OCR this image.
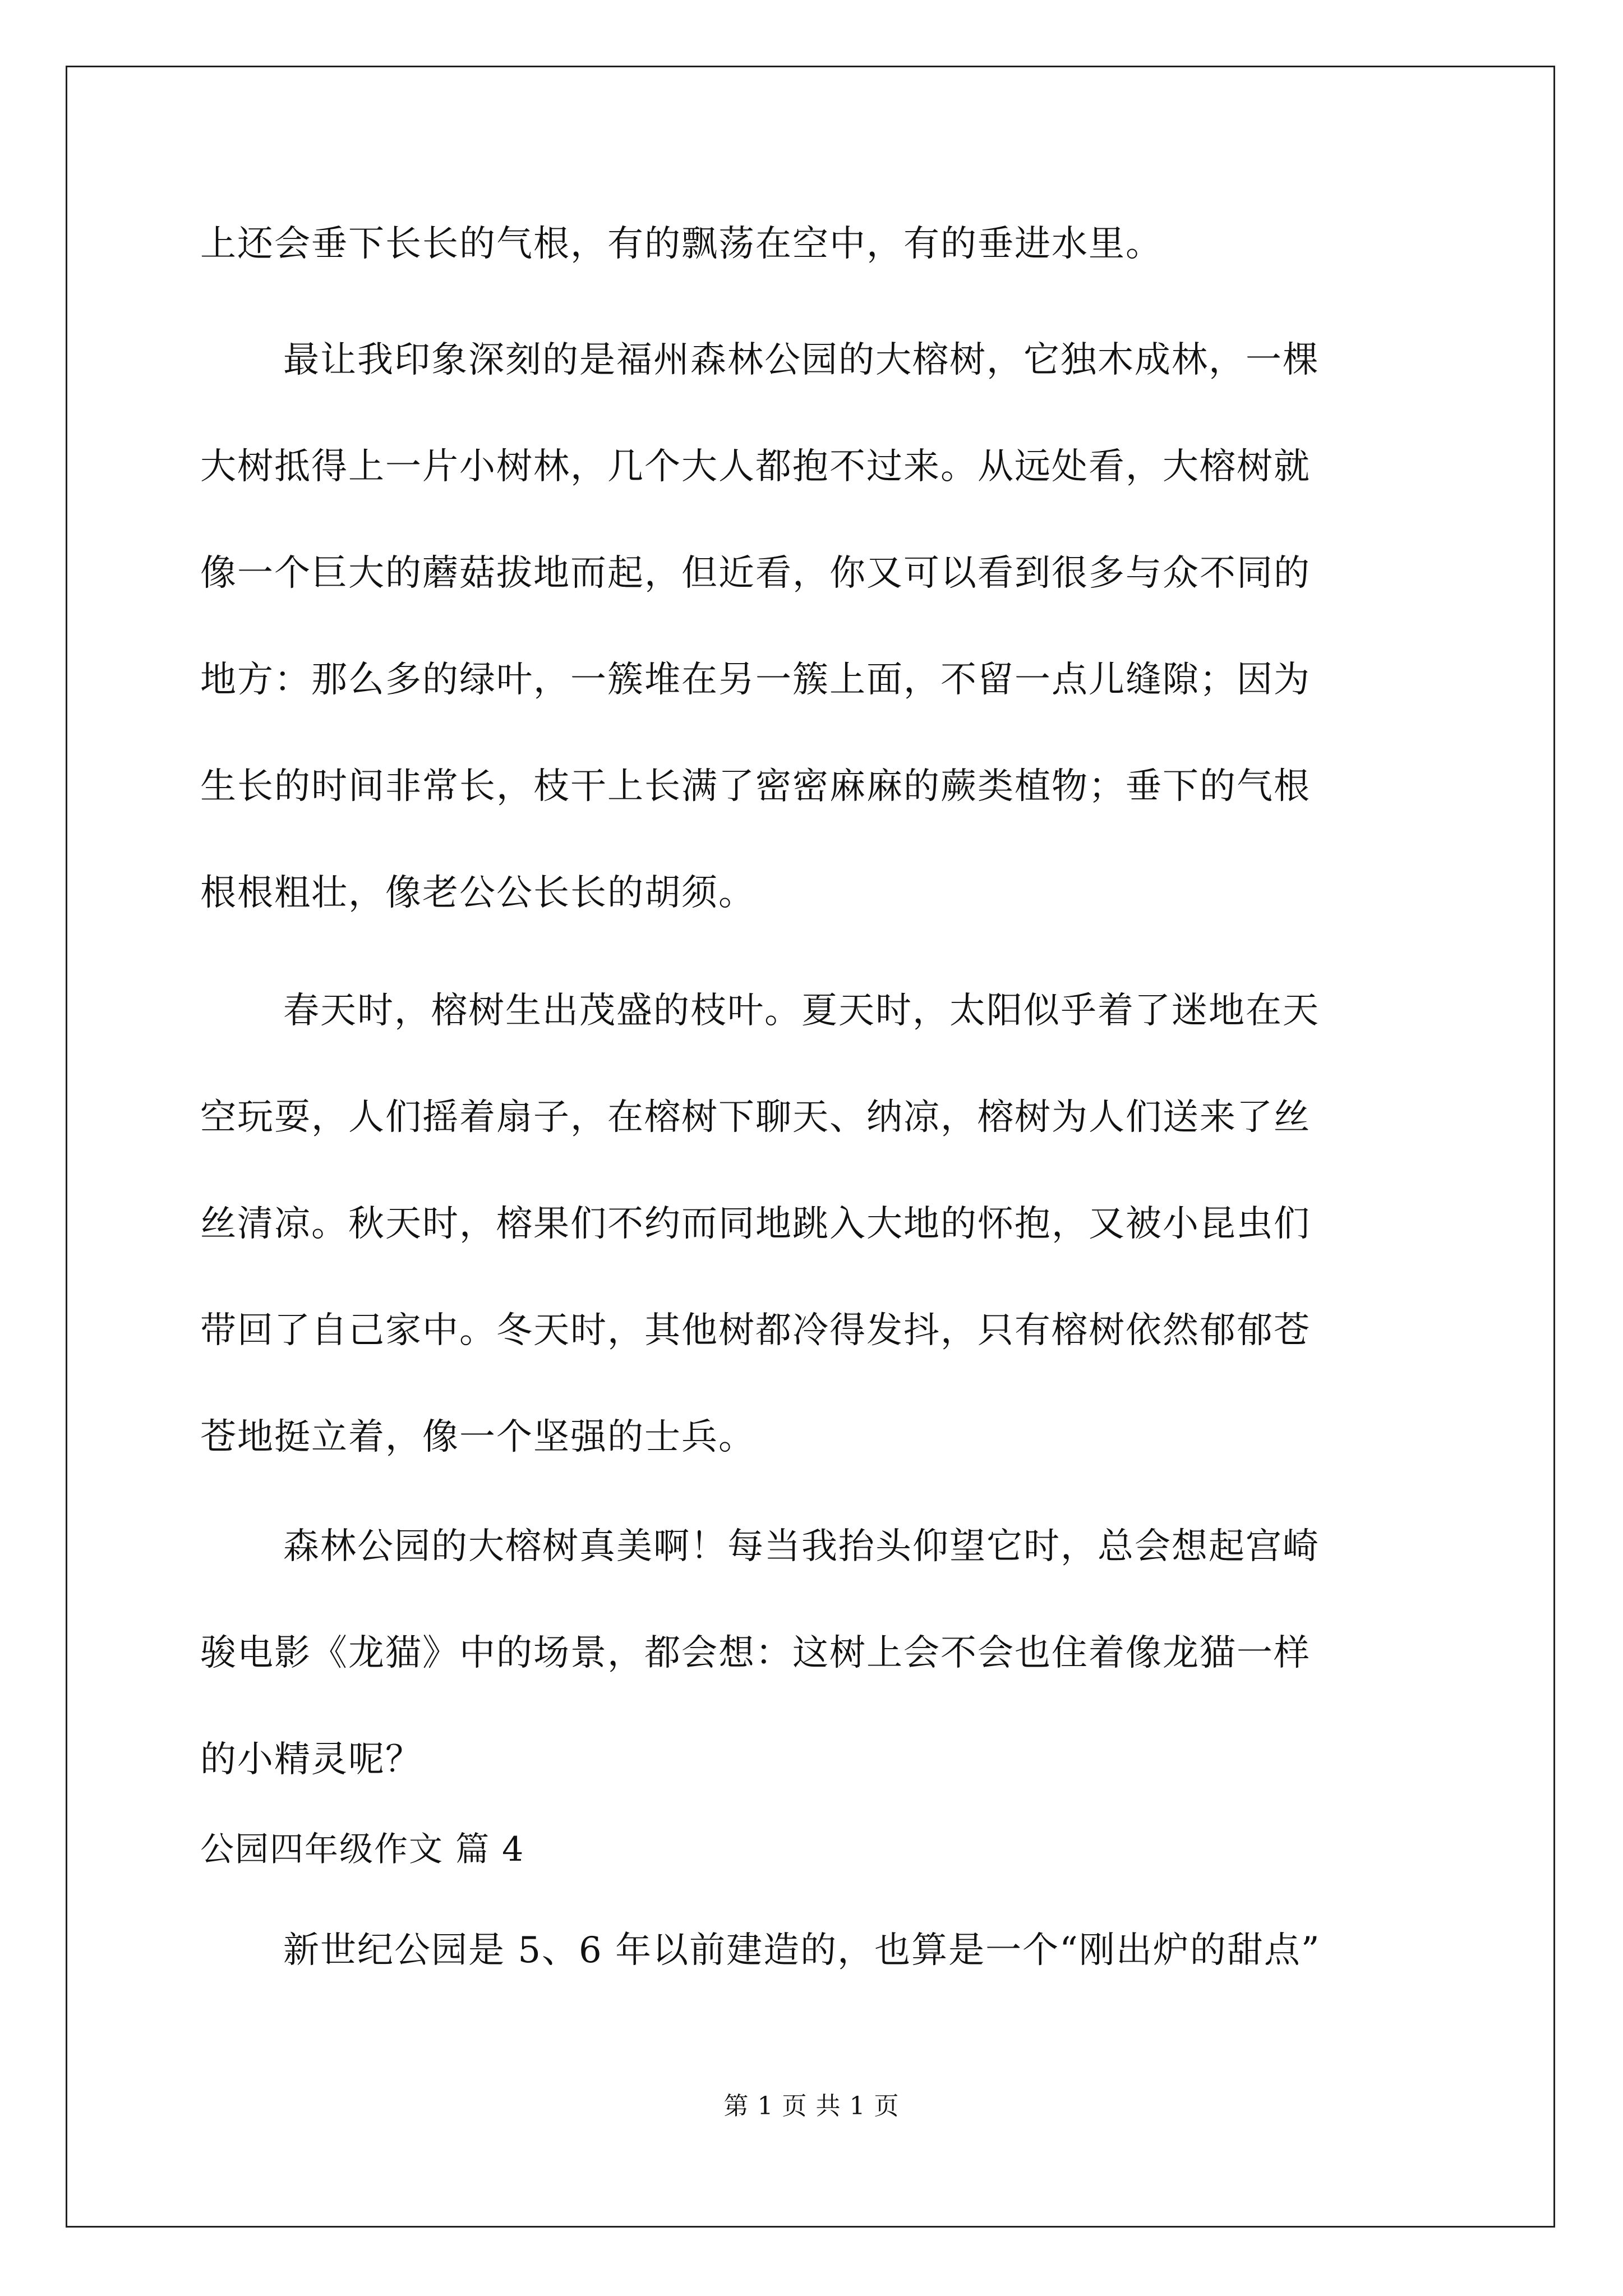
上还会垂下长长的气根，有的飘荡在空中，有的垂进水里。
最让我印象深刻的是福州森林公园的大榕树，它独木成林，一棵
大树抵得上一片小树林，几个大人都抱不过来。从远处看，大榕树就
像一个巨大的蘑菇拔地而起，但近看，你又可以看到很多与众不同的
地方：那么多的绿叶，一簇堆在另一簇上面，不留一点儿缝隙；因为
生长的时间非常长，枝干上长满了密密麻麻的蕨类植物；垂下的气根
根根粗壮，像老公公长长的胡须。
春天时，榕树生出茂盛的枝叶。夏天时，太阳似乎着了迷地在天
空玩耍，人们摇着扇子，在榕树下聊天、纳凉，榕树为人们送来了丝
丝清凉。秋天时，榕果们不约而同地跳入大地的怀抱，又被小昆虫们
带回了自己家中。冬天时，其他树都冷得发抖，只有榕树依然郁郁苍
苍地挺立着，像一个坚强的士兵。
森林公园的大榕树真美啊！每当我抬头仰望它时，总会想起宫崎
骏电影《龙猫》中的场景，都会想：这树上会不会也住着像龙猫一样
的小精灵呢？
公园四年级作文 篇 4
新世纪公园是 5、6 年以前建造的，也算是一个“刚出炉的甜点”
第 1 页 共 1 页
